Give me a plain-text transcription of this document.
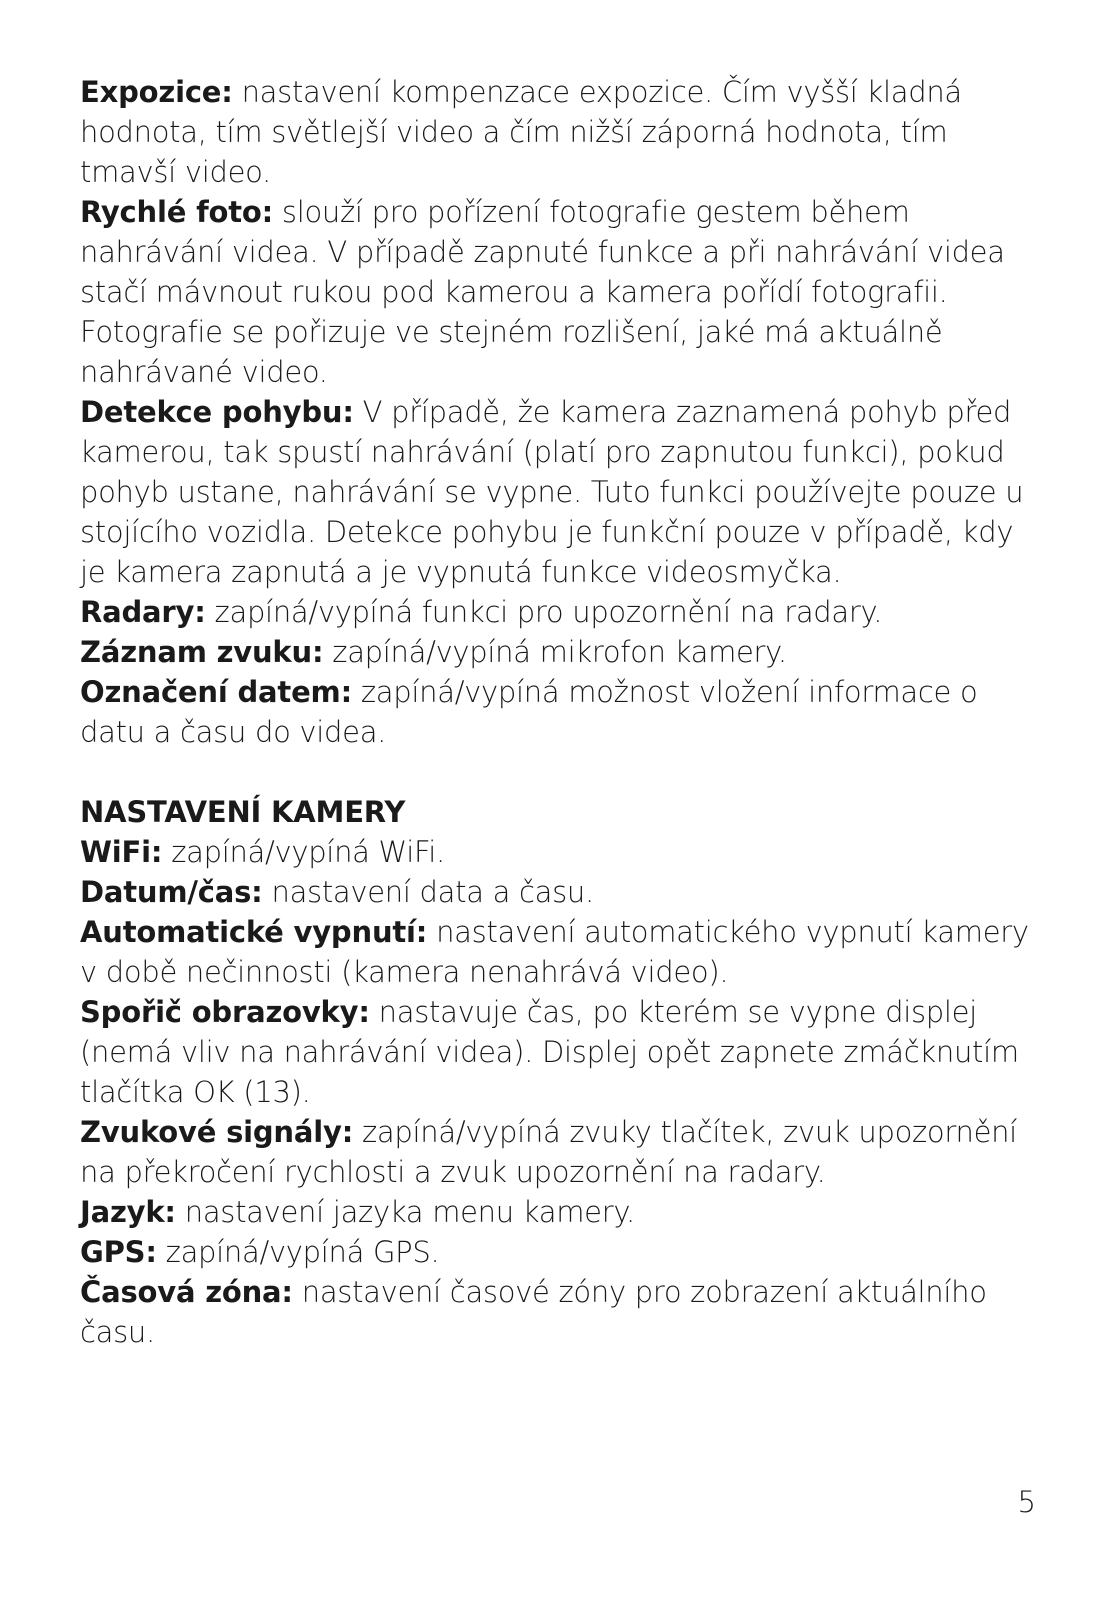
Expozice: nastavení kompenzace expozice. Čím vyšší kladná hodnota, tím světlejší video a čím nižší záporná hodnota, tím tmavší video.

Rychlé foto: slouží pro pořízení fotografie gestem během nahrávání videa. V případě zapnuté funkce a při nahrávání videa stačí mávnout rukou pod kamerou a kamera pořídí fotografii. Fotografie se pořizuje ve stejném rozlišení, jaké má aktuálně nahrávané video.

Detekce pohybu: V případě, že kamera zaznamená pohyb před kamerou, tak spustí nahrávání (platí pro zapnutou funkci), pokud pohyb ustane, nahrávání se vypne. Tuto funkci používejte pouze u stojícího vozidla. Detekce pohybu je funkční pouze v případě, kdy je kamera zapnutá a je vypnutá funkce videosmyčka.

Radary: zapíná/vypíná funkci pro upozornění na radary.

Záznam zvuku: zapíná/vypíná mikrofon kamery.

Označení datem: zapíná/vypíná možnost vložení informace o datu a času do videa.

NASTAVENÍ KAMERY

WiFi: zapíná/vypíná WiFi.

Datum/čas: nastavení data a času.

Automatické vypnutí: nastavení automatického vypnutí kamery v době nečinnosti (kamera nenahrává video).

Spořič obrazovky: nastavuje čas, po kterém se vypne displej (nemá vliv na nahrávání videa). Displej opět zapnete zmáčknutím tlačítka OK (13).

Zvukové signály: zapíná/vypíná zvuky tlačítek, zvuk upozornění na překročení rychlosti a zvuk upozornění na radary.

Jazyk: nastavení jazyka menu kamery.

GPS: zapíná/vypíná GPS.

Časová zóna: nastavení časové zóny pro zobrazení aktuálního času.

5
